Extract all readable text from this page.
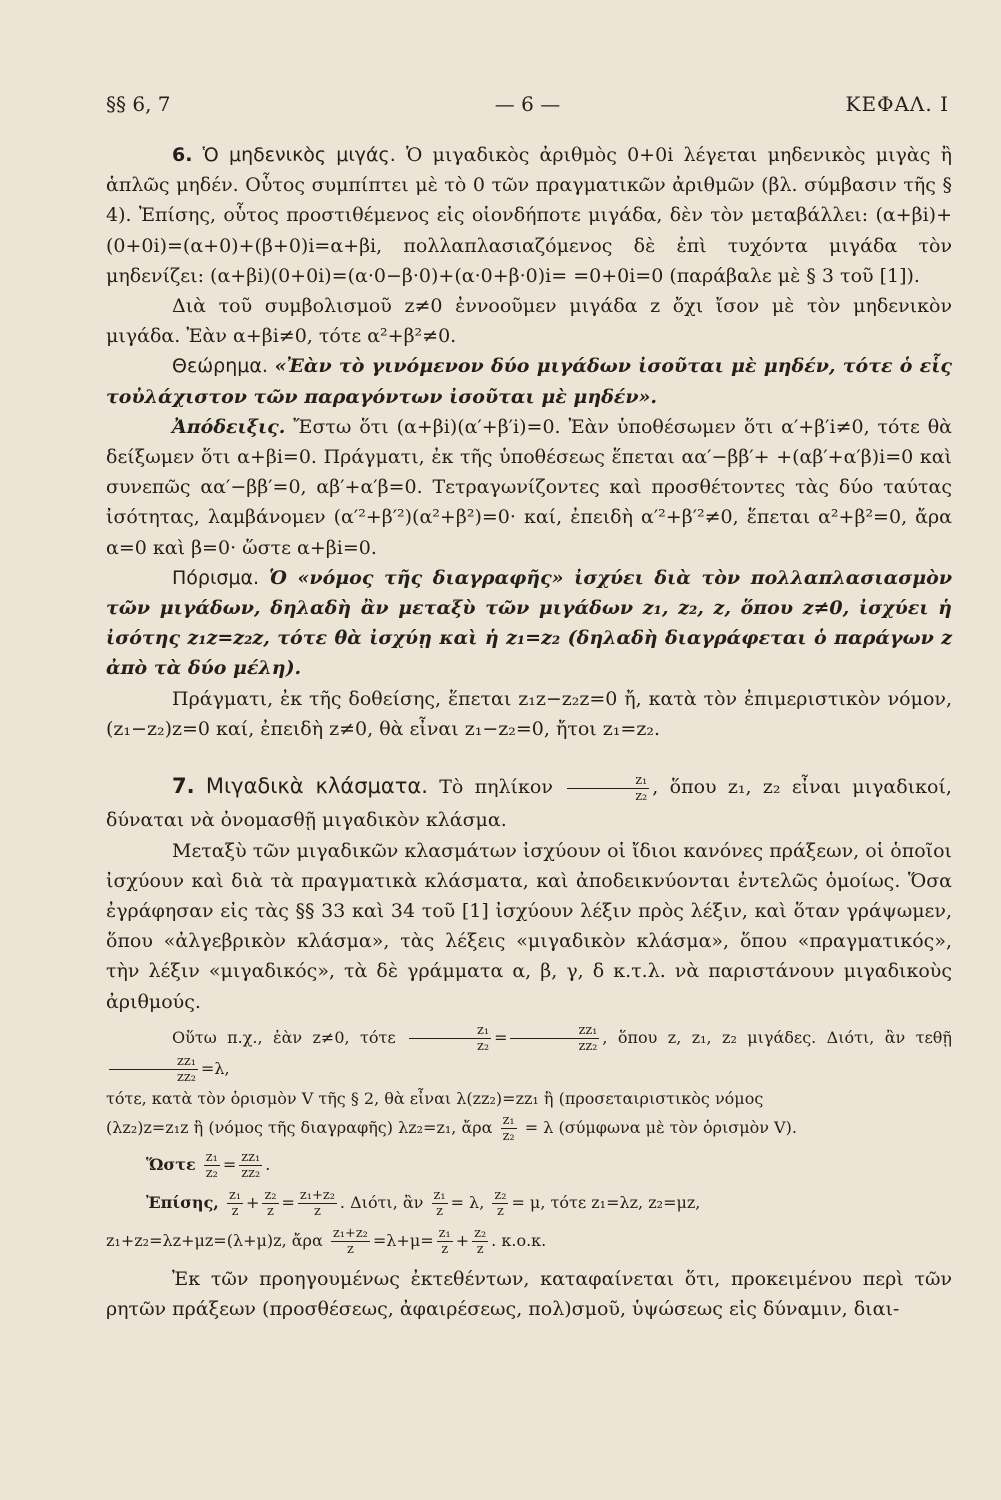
§§ 6, 7	— 6 —	ΚΕΦΑΛ. Ι

6. Ὁ μηδενικὸς μιγάς. Ὁ μιγαδικὸς ἀριθμὸς 0+0i λέγεται μηδενικὸς μιγὰς ἢ ἁπλῶς μηδέν. Οὗτος συμπίπτει μὲ τὸ 0 τῶν πραγματικῶν ἀριθμῶν (βλ. σύμβασιν τῆς § 4). Ἐπίσης, οὗτος προστιθέμενος εἰς οἱονδήποτε μιγάδα, δὲν τὸν μεταβάλλει: (α+βi)+(0+0i)=(α+0)+(β+0)i=α+βi, πολλαπλασιαζόμενος δὲ ἐπὶ τυχόντα μιγάδα τὸν μηδενίζει: (α+βi)(0+0i)=(α·0−β·0)+(α·0+β·0)i= =0+0i=0 (παράβαλε μὲ § 3 τοῦ [1]).

Διὰ τοῦ συμβολισμοῦ z≠0 ἐννοοῦμεν μιγάδα z ὄχι ἴσον μὲ τὸν μηδενικὸν μιγάδα. Ἐὰν α+βi≠0, τότε α²+β²≠0.

Θεώρημα. «Ἐὰν τὸ γινόμενον δύο μιγάδων ἰσοῦται μὲ μηδέν, τότε ὁ εἷς τοὐλάχιστον τῶν παραγόντων ἰσοῦται μὲ μηδέν».

Ἀπόδειξις. Ἔστω ὅτι (α+βi)(α′+β′i)=0. Ἐὰν ὑποθέσωμεν ὅτι α′+β′i≠0, τότε θὰ δείξωμεν ὅτι α+βi=0. Πράγματι, ἐκ τῆς ὑποθέσεως ἕπεται αα′−ββ′+ +(αβ′+α′β)i=0 καὶ συνεπῶς αα′−ββ′=0, αβ′+α′β=0. Τετραγωνίζοντες καὶ προσθέτοντες τὰς δύο ταύτας ἰσότητας, λαμβάνομεν (α′²+β′²)(α²+β²)=0· καί, ἐπειδὴ α′²+β′²≠0, ἕπεται α²+β²=0, ἄρα α=0 καὶ β=0· ὥστε α+βi=0.

Πόρισμα. Ὁ «νόμος τῆς διαγραφῆς» ἰσχύει διὰ τὸν πολλαπλασιασμὸν τῶν μιγάδων, δηλαδὴ ἂν μεταξὺ τῶν μιγάδων z₁, z₂, z, ὅπου z≠0, ἰσχύει ἡ ἰσότης z₁z=z₂z, τότε θὰ ἰσχύῃ καὶ ἡ z₁=z₂ (δηλαδὴ διαγράφεται ὁ παράγων z ἀπὸ τὰ δύο μέλη).

Πράγματι, ἐκ τῆς δοθείσης, ἕπεται z₁z−z₂z=0 ἤ, κατὰ τὸν ἐπιμεριστικὸν νόμον, (z₁−z₂)z=0 καί, ἐπειδὴ z≠0, θὰ εἶναι z₁−z₂=0, ἤτοι z₁=z₂.

7. Μιγαδικὰ κλάσματα. Τὸ πηλίκον $\frac{\text{z₁}}{\text{z₂}}$ , ὅπου z₁, z₂ εἶναι μιγαδικοί, δύναται νὰ ὀνομασθῇ μιγαδικὸν κλάσμα.

Μεταξὺ τῶν μιγαδικῶν κλασμάτων ἰσχύουν οἱ ἴδιοι κανόνες πράξεων, οἱ ὁποῖοι ἰσχύουν καὶ διὰ τὰ πραγματικὰ κλάσματα, καὶ ἀποδεικνύονται ἐντελῶς ὁμοίως. Ὅσα ἐγράφησαν εἰς τὰς §§ 33 καὶ 34 τοῦ [1] ἰσχύουν λέξιν πρὸς λέξιν, καὶ ὅταν γράψωμεν, ὅπου «ἀλγεβρικὸν κλάσμα», τὰς λέξεις «μιγαδικὸν κλάσμα», ὅπου «πραγματικός», τὴν λέξιν «μιγαδικός», τὰ δὲ γράμματα α, β, γ, δ κ.τ.λ. νὰ παριστάνουν μιγαδικοὺς ἀριθμούς.

Οὕτω π.χ., ἐὰν z≠0, τότε $\frac{\text{z₁}}{\text{z₂}} = \frac{\text{zz₁}}{\text{zz₂}}$ , ὅπου z, z₁, z₂ μιγάδες. Διότι, ἂν τεθῇ
$\frac{\text{zz₁}}{\text{zz₂}} =\lambda$,

τότε, κατὰ τὸν ὁρισμὸν V τῆς § 2, θὰ εἶναι λ(zz₂)=zz₁ ἢ (προσεταιριστικὸς νόμος

(λz₂)z=z₁z ἢ (νόμος τῆς διαγραφῆς) λz₂=z₁, ἄρα $\frac{\text{z₁}}{\text{z₂}} = \lambda$ (σύμφωνα μὲ τὸν ὁρισμὸν V).

Ὥστε $\frac{\text{z₁}}{\text{z₂}} = \frac{\text{zz₁}}{\text{zz₂}}$ .

Ἐπίσης, $\frac{\text{z₁}}{z} + \frac{\text{z₂}}{z} = \frac{\text{z₁+z₂}}{z}$ . Διότι, ἂν $\frac{\text{z₁}}{z} = \lambda$, $\frac{\text{z₂}}{z} = \mu$, τότε z₁=λz, z₂=μz,

z₁+z₂=λz+μz=(λ+μ)z, ἄρα $\frac{\text{z₁+z₂}}{z} =\lambda+\mu= \frac{\text{z₁}}{z} + \frac{\text{z₂}}{z}$ . κ.ο.κ.

Ἐκ τῶν προηγουμένως ἐκτεθέντων, καταφαίνεται ὅτι, προκειμένου περὶ τῶν ρητῶν πράξεων (προσθέσεως, ἀφαιρέσεως, πολ)σμοῦ, ὑψώσεως εἰς δύναμιν, διαι-
